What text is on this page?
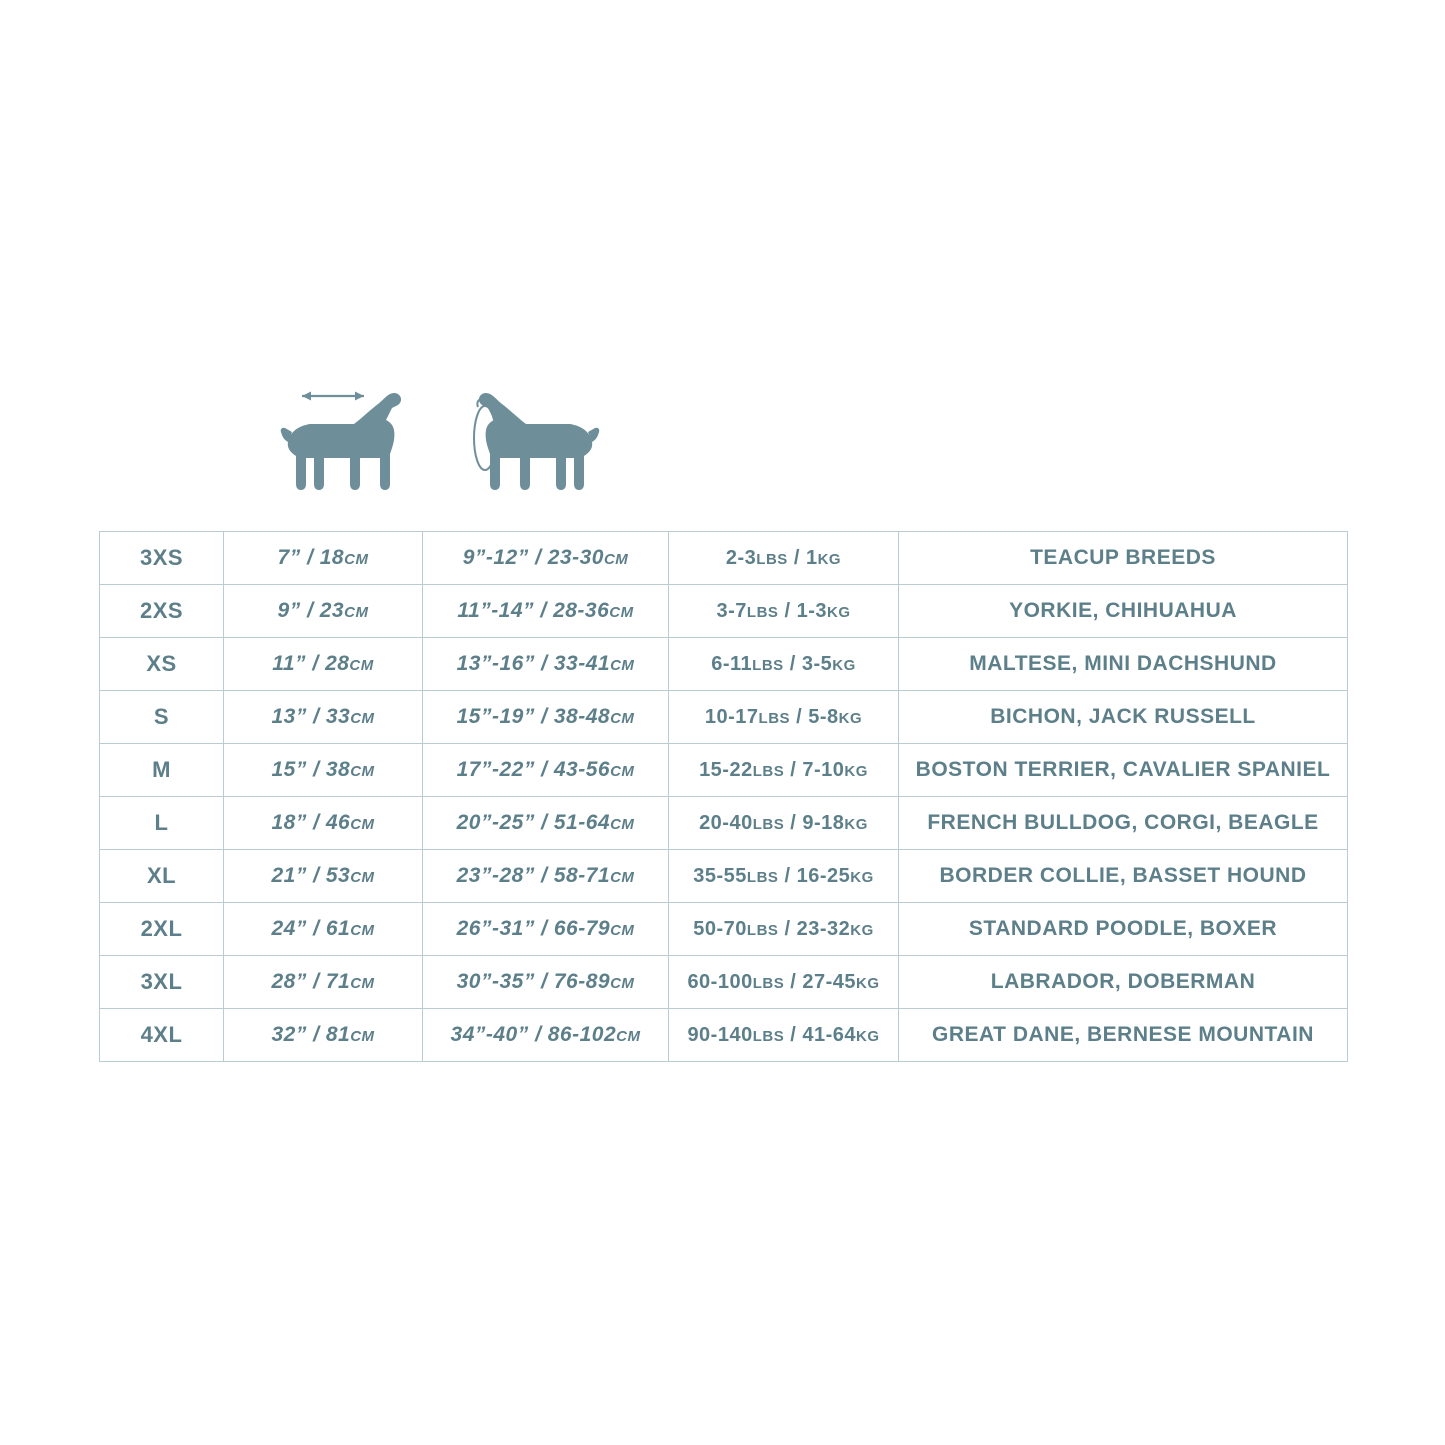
3XS	7” / 18CM	9”-12” / 23-30CM	2-3LBS / 1KG	TEACUP BREEDS
2XS	9” / 23CM	11”-14” / 28-36CM	3-7LBS / 1-3KG	YORKIE, CHIHUAHUA
XS	11” / 28CM	13”-16” / 33-41CM	6-11LBS / 3-5KG	MALTESE, MINI DACHSHUND
S	13” / 33CM	15”-19” / 38-48CM	10-17LBS / 5-8KG	BICHON, JACK RUSSELL
M	15” / 38CM	17”-22” / 43-56CM	15-22LBS / 7-10KG	BOSTON TERRIER, CAVALIER SPANIEL
L	18” / 46CM	20”-25” / 51-64CM	20-40LBS / 9-18KG	FRENCH BULLDOG, CORGI, BEAGLE
XL	21” / 53CM	23”-28” / 58-71CM	35-55LBS / 16-25KG	BORDER COLLIE, BASSET HOUND
2XL	24” / 61CM	26”-31” / 66-79CM	50-70LBS / 23-32KG	STANDARD POODLE, BOXER
3XL	28” / 71CM	30”-35” / 76-89CM	60-100LBS / 27-45KG	LABRADOR, DOBERMAN
4XL	32” / 81CM	34”-40” / 86-102CM	90-140LBS / 41-64KG	GREAT DANE, BERNESE MOUNTAIN
